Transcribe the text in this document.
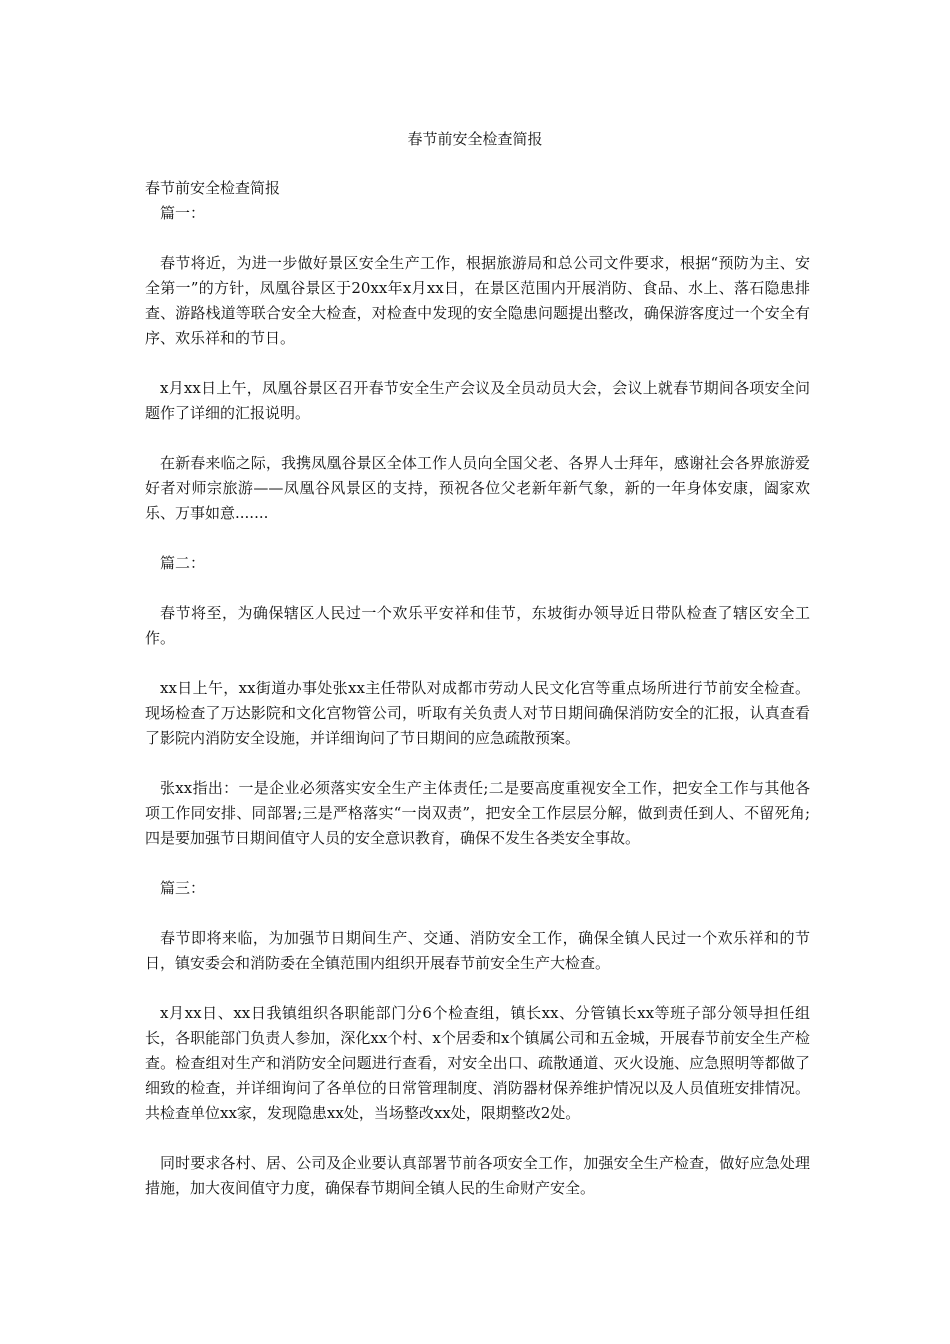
春节前安全检查简报

春节前安全检查简报

篇一：

春节将近，为进一步做好景区安全生产工作，根据旅游局和总公司文件要求，根据“预防为主、安全第一”的方针，凤凰谷景区于20xx年x月xx日，在景区范围内开展消防、食品、水上、落石隐患排查、游路栈道等联合安全大检查，对检查中发现的安全隐患问题提出整改，确保游客度过一个安全有序、欢乐祥和的节日。

x月xx日上午，凤凰谷景区召开春节安全生产会议及全员动员大会，会议上就春节期间各项安全问题作了详细的汇报说明。

在新春来临之际，我携凤凰谷景区全体工作人员向全国父老、各界人士拜年，感谢社会各界旅游爱好者对师宗旅游——凤凰谷风景区的支持，预祝各位父老新年新气象，新的一年身体安康，阖家欢乐、万事如意.......

篇二：

春节将至，为确保辖区人民过一个欢乐平安祥和佳节，东坡街办领导近日带队检查了辖区安全工作。

xx日上午，xx街道办事处张xx主任带队对成都市劳动人民文化宫等重点场所进行节前安全检查。现场检查了万达影院和文化宫物管公司，听取有关负责人对节日期间确保消防安全的汇报，认真查看了影院内消防安全设施，并详细询问了节日期间的应急疏散预案。

张xx指出：一是企业必须落实安全生产主体责任;二是要高度重视安全工作，把安全工作与其他各项工作同安排、同部署;三是严格落实“一岗双责”，把安全工作层层分解，做到责任到人、不留死角;四是要加强节日期间值守人员的安全意识教育，确保不发生各类安全事故。

篇三：

春节即将来临，为加强节日期间生产、交通、消防安全工作，确保全镇人民过一个欢乐祥和的节日，镇安委会和消防委在全镇范围内组织开展春节前安全生产大检查。

x月xx日、xx日我镇组织各职能部门分6个检查组，镇长xx、分管镇长xx等班子部分领导担任组长，各职能部门负责人参加，深化xx个村、x个居委和x个镇属公司和五金城，开展春节前安全生产检查。检查组对生产和消防安全问题进行查看，对安全出口、疏散通道、灭火设施、应急照明等都做了细致的检查，并详细询问了各单位的日常管理制度、消防器材保养维护情况以及人员值班安排情况。共检查单位xx家，发现隐患xx处，当场整改xx处，限期整改2处。

同时要求各村、居、公司及企业要认真部署节前各项安全工作，加强安全生产检查，做好应急处理措施，加大夜间值守力度，确保春节期间全镇人民的生命财产安全。
